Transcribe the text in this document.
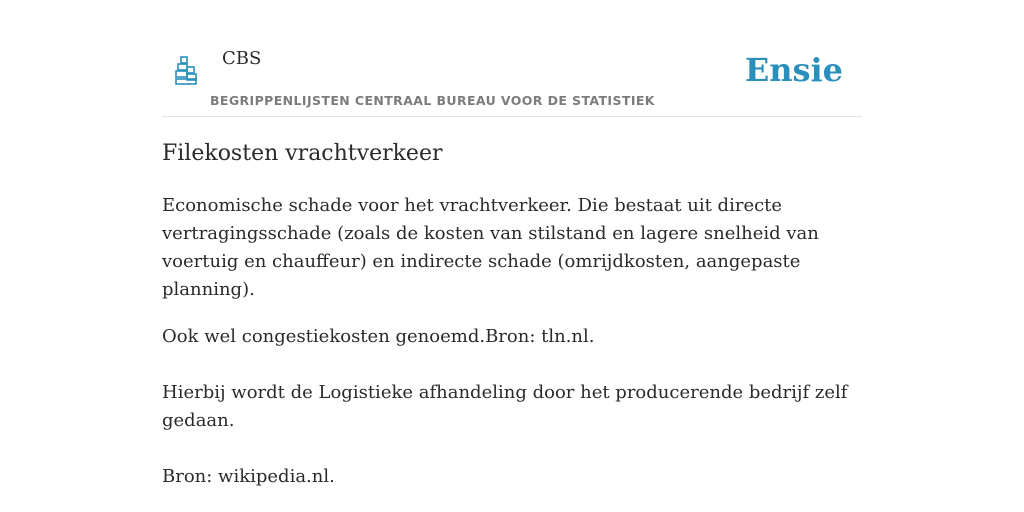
CBS

BEGRIPPENLIJSTEN CENTRAAL BUREAU VOOR DE STATISTIEK
Ensie
Filekosten vrachtverkeer

Economische schade voor het vrachtverkeer. Die bestaat uit directe vertragingsschade (zoals de kosten van stilstand en lagere snelheid van voertuig en chauffeur) en indirecte schade (omrijdkosten, aangepaste planning).

Ook wel congestiekosten genoemd.Bron: tln.nl.

Hierbij wordt de Logistieke afhandeling door het producerende bedrijf zelf gedaan.

Bron: wikipedia.nl.
